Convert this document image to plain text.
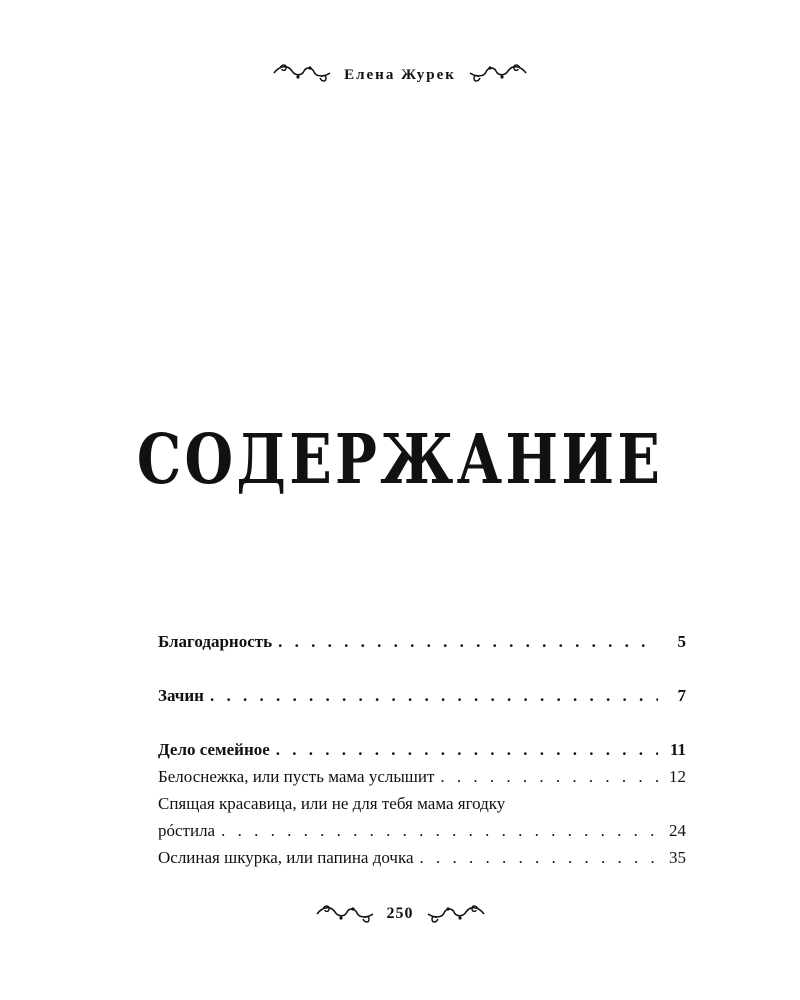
Елена Журек
СОДЕРЖАНИЕ
Благодарность . . .	5
Зачин . . .	7
Дело семейное . . .	11
Белоснежка, или пусть мама услышит . . .	12
Спящая красавица, или не для тебя мама ягодку
рóстила . . .	24
Ослиная шкурка, или папина дочка . . .	35
250
